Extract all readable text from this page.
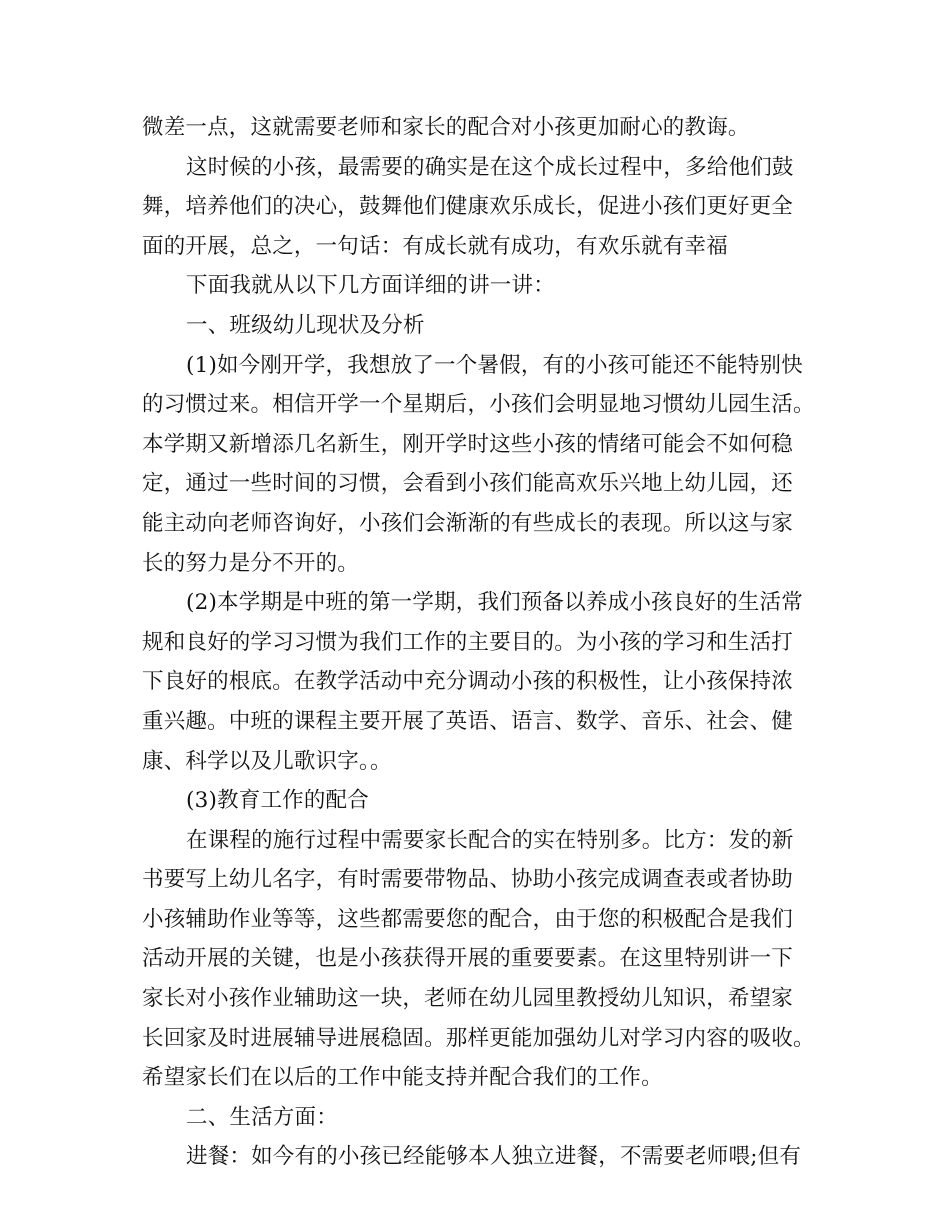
微差一点，这就需要老师和家长的配合对小孩更加耐心的教诲。
这时候的小孩，最需要的确实是在这个成长过程中，多给他们鼓
舞，培养他们的决心，鼓舞他们健康欢乐成长，促进小孩们更好更全
面的开展，总之，一句话：有成长就有成功，有欢乐就有幸福
下面我就从以下几方面详细的讲一讲：
一、班级幼儿现状及分析
(1)如今刚开学，我想放了一个暑假，有的小孩可能还不能特别快
的习惯过来。相信开学一个星期后，小孩们会明显地习惯幼儿园生活。
本学期又新增添几名新生，刚开学时这些小孩的情绪可能会不如何稳
定，通过一些时间的习惯，会看到小孩们能高欢乐兴地上幼儿园，还
能主动向老师咨询好，小孩们会渐渐的有些成长的表现。所以这与家
长的努力是分不开的。
(2)本学期是中班的第一学期，我们预备以养成小孩良好的生活常
规和良好的学习习惯为我们工作的主要目的。为小孩的学习和生活打
下良好的根底。在教学活动中充分调动小孩的积极性，让小孩保持浓
重兴趣。中班的课程主要开展了英语、语言、数学、音乐、社会、健
康、科学以及儿歌识字。。
(3)教育工作的配合
在课程的施行过程中需要家长配合的实在特别多。比方：发的新
书要写上幼儿名字，有时需要带物品、协助小孩完成调查表或者协助
小孩辅助作业等等，这些都需要您的配合，由于您的积极配合是我们
活动开展的关键，也是小孩获得开展的重要要素。在这里特别讲一下
家长对小孩作业辅助这一块，老师在幼儿园里教授幼儿知识，希望家
长回家及时进展辅导进展稳固。那样更能加强幼儿对学习内容的吸收。
希望家长们在以后的工作中能支持并配合我们的工作。
二、生活方面：
进餐：如今有的小孩已经能够本人独立进餐，不需要老师喂;但有
